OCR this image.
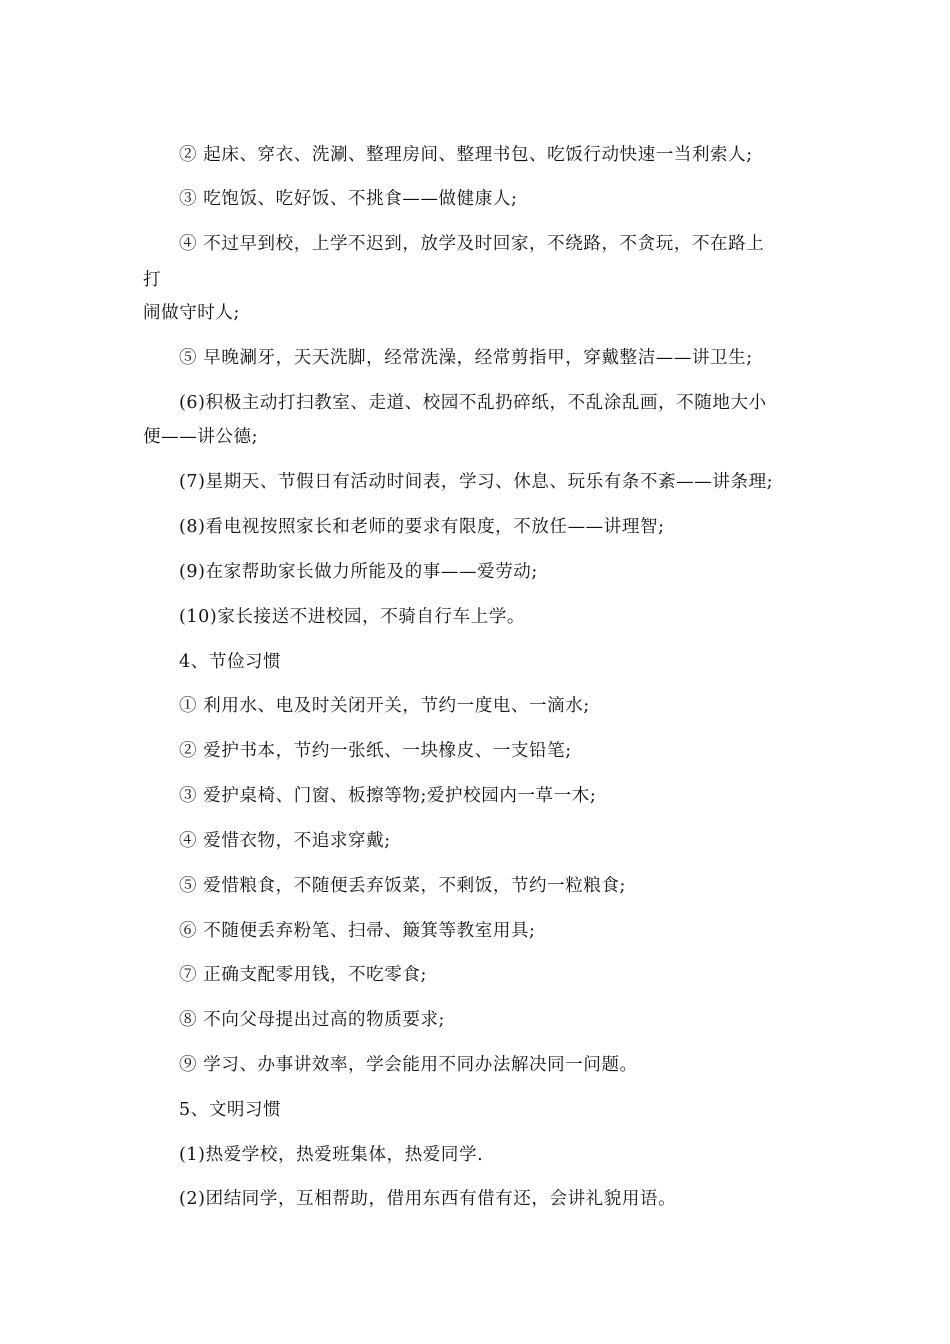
② 起床、穿衣、洗涮、整理房间、整理书包、吃饭行动快速一当利索人;
③ 吃饱饭、吃好饭、不挑食——做健康人;
④ 不过早到校，上学不迟到，放学及时回家，不绕路，不贪玩，不在路上
打
闹做守时人;
⑤ 早晚涮牙，天天洗脚，经常洗澡，经常剪指甲，穿戴整洁——讲卫生;
(6)积极主动打扫教室、走道、校园不乱扔碎纸，不乱涂乱画，不随地大小
便——讲公德;
(7)星期天、节假日有活动时间表，学习、休息、玩乐有条不紊——讲条理;
(8)看电视按照家长和老师的要求有限度，不放任——讲理智;
(9)在家帮助家长做力所能及的事——爱劳动;
(10)家长接送不进校园，不骑自行车上学。
4、节俭习惯
① 利用水、电及时关闭开关，节约一度电、一滴水;
② 爱护书本，节约一张纸、一块橡皮、一支铅笔;
③ 爱护桌椅、门窗、板擦等物;爱护校园内一草一木;
④ 爱惜衣物，不追求穿戴;
⑤ 爱惜粮食，不随便丢弃饭菜，不剩饭，节约一粒粮食;
⑥ 不随便丢弃粉笔、扫帚、簸箕等教室用具;
⑦ 正确支配零用钱，不吃零食;
⑧ 不向父母提出过高的物质要求;
⑨ 学习、办事讲效率，学会能用不同办法解决同一问题。
5、文明习惯
(1)热爱学校，热爱班集体，热爱同学.
(2)团结同学，互相帮助，借用东西有借有还，会讲礼貌用语。
